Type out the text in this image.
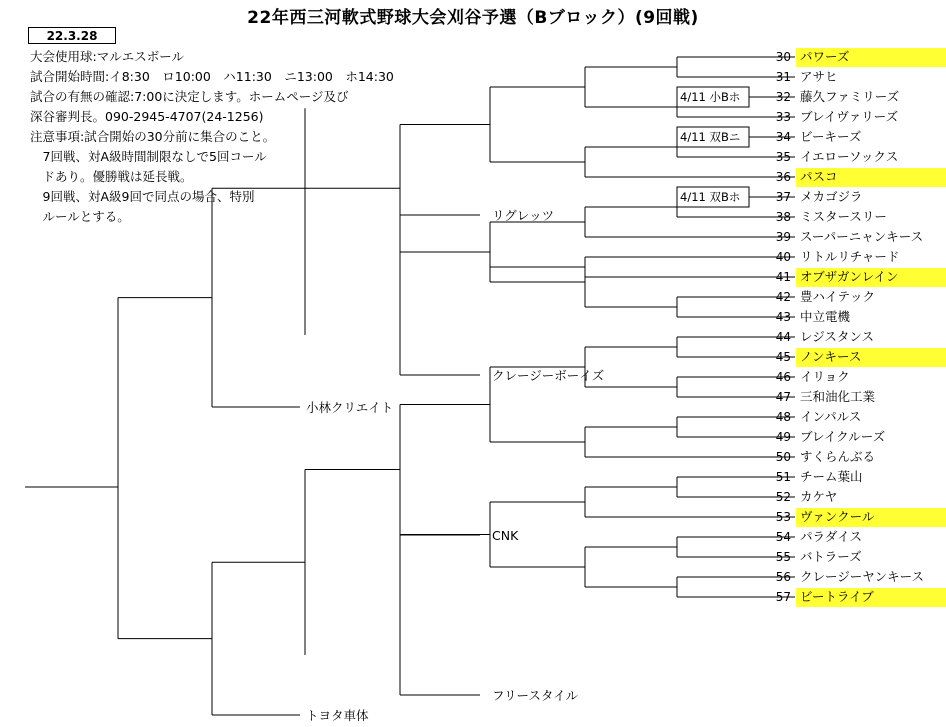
22年西三河軟式野球大会刈谷予選（Bブロック）(9回戦)
22.3.28
大会使用球:マルエスボール
試合開始時間:イ8:30　ロ10:00　ハ11:30　ニ13:00　ホ14:30
試合の有無の確認:7:00に決定します。ホームページ及び
深谷審判長。090-2945-4707(24-1256)
注意事項:試合開始の30分前に集合のこと。
　7回戦、対A級時間制限なしで5回コール
　ドあり。優勝戦は延長戦。
　9回戦、対A級9回で同点の場合、特別
　ルールとする。
30 パワーズ
31 アサヒ
32 藤久ファミリーズ
33 ブレイヴァリーズ
34 ビーキーズ
35 イエローソックス
36 パスコ
37 メカゴジラ
38 ミスタースリー
39 スーパーニャンキース
40 リトルリチャード
41 オブザガンレイン
42 豊ハイテック
43 中立電機
44 レジスタンス
45 ノンキース
46 イリョク
47 三和油化工業
48 インパルス
49 ブレイクルーズ
50 すくらんぶる
51 チーム葉山
52 カケヤ
53 ヴァンクール
54 パラダイス
55 バトラーズ
56 クレージーヤンキース
57 ビートライブ
4/11 小Bホ
4/11 双Bニ
4/11 双Bホ
リグレッツ
クレージーボーイズ
小林クリエイト
CNK
フリースタイル
トヨタ車体
